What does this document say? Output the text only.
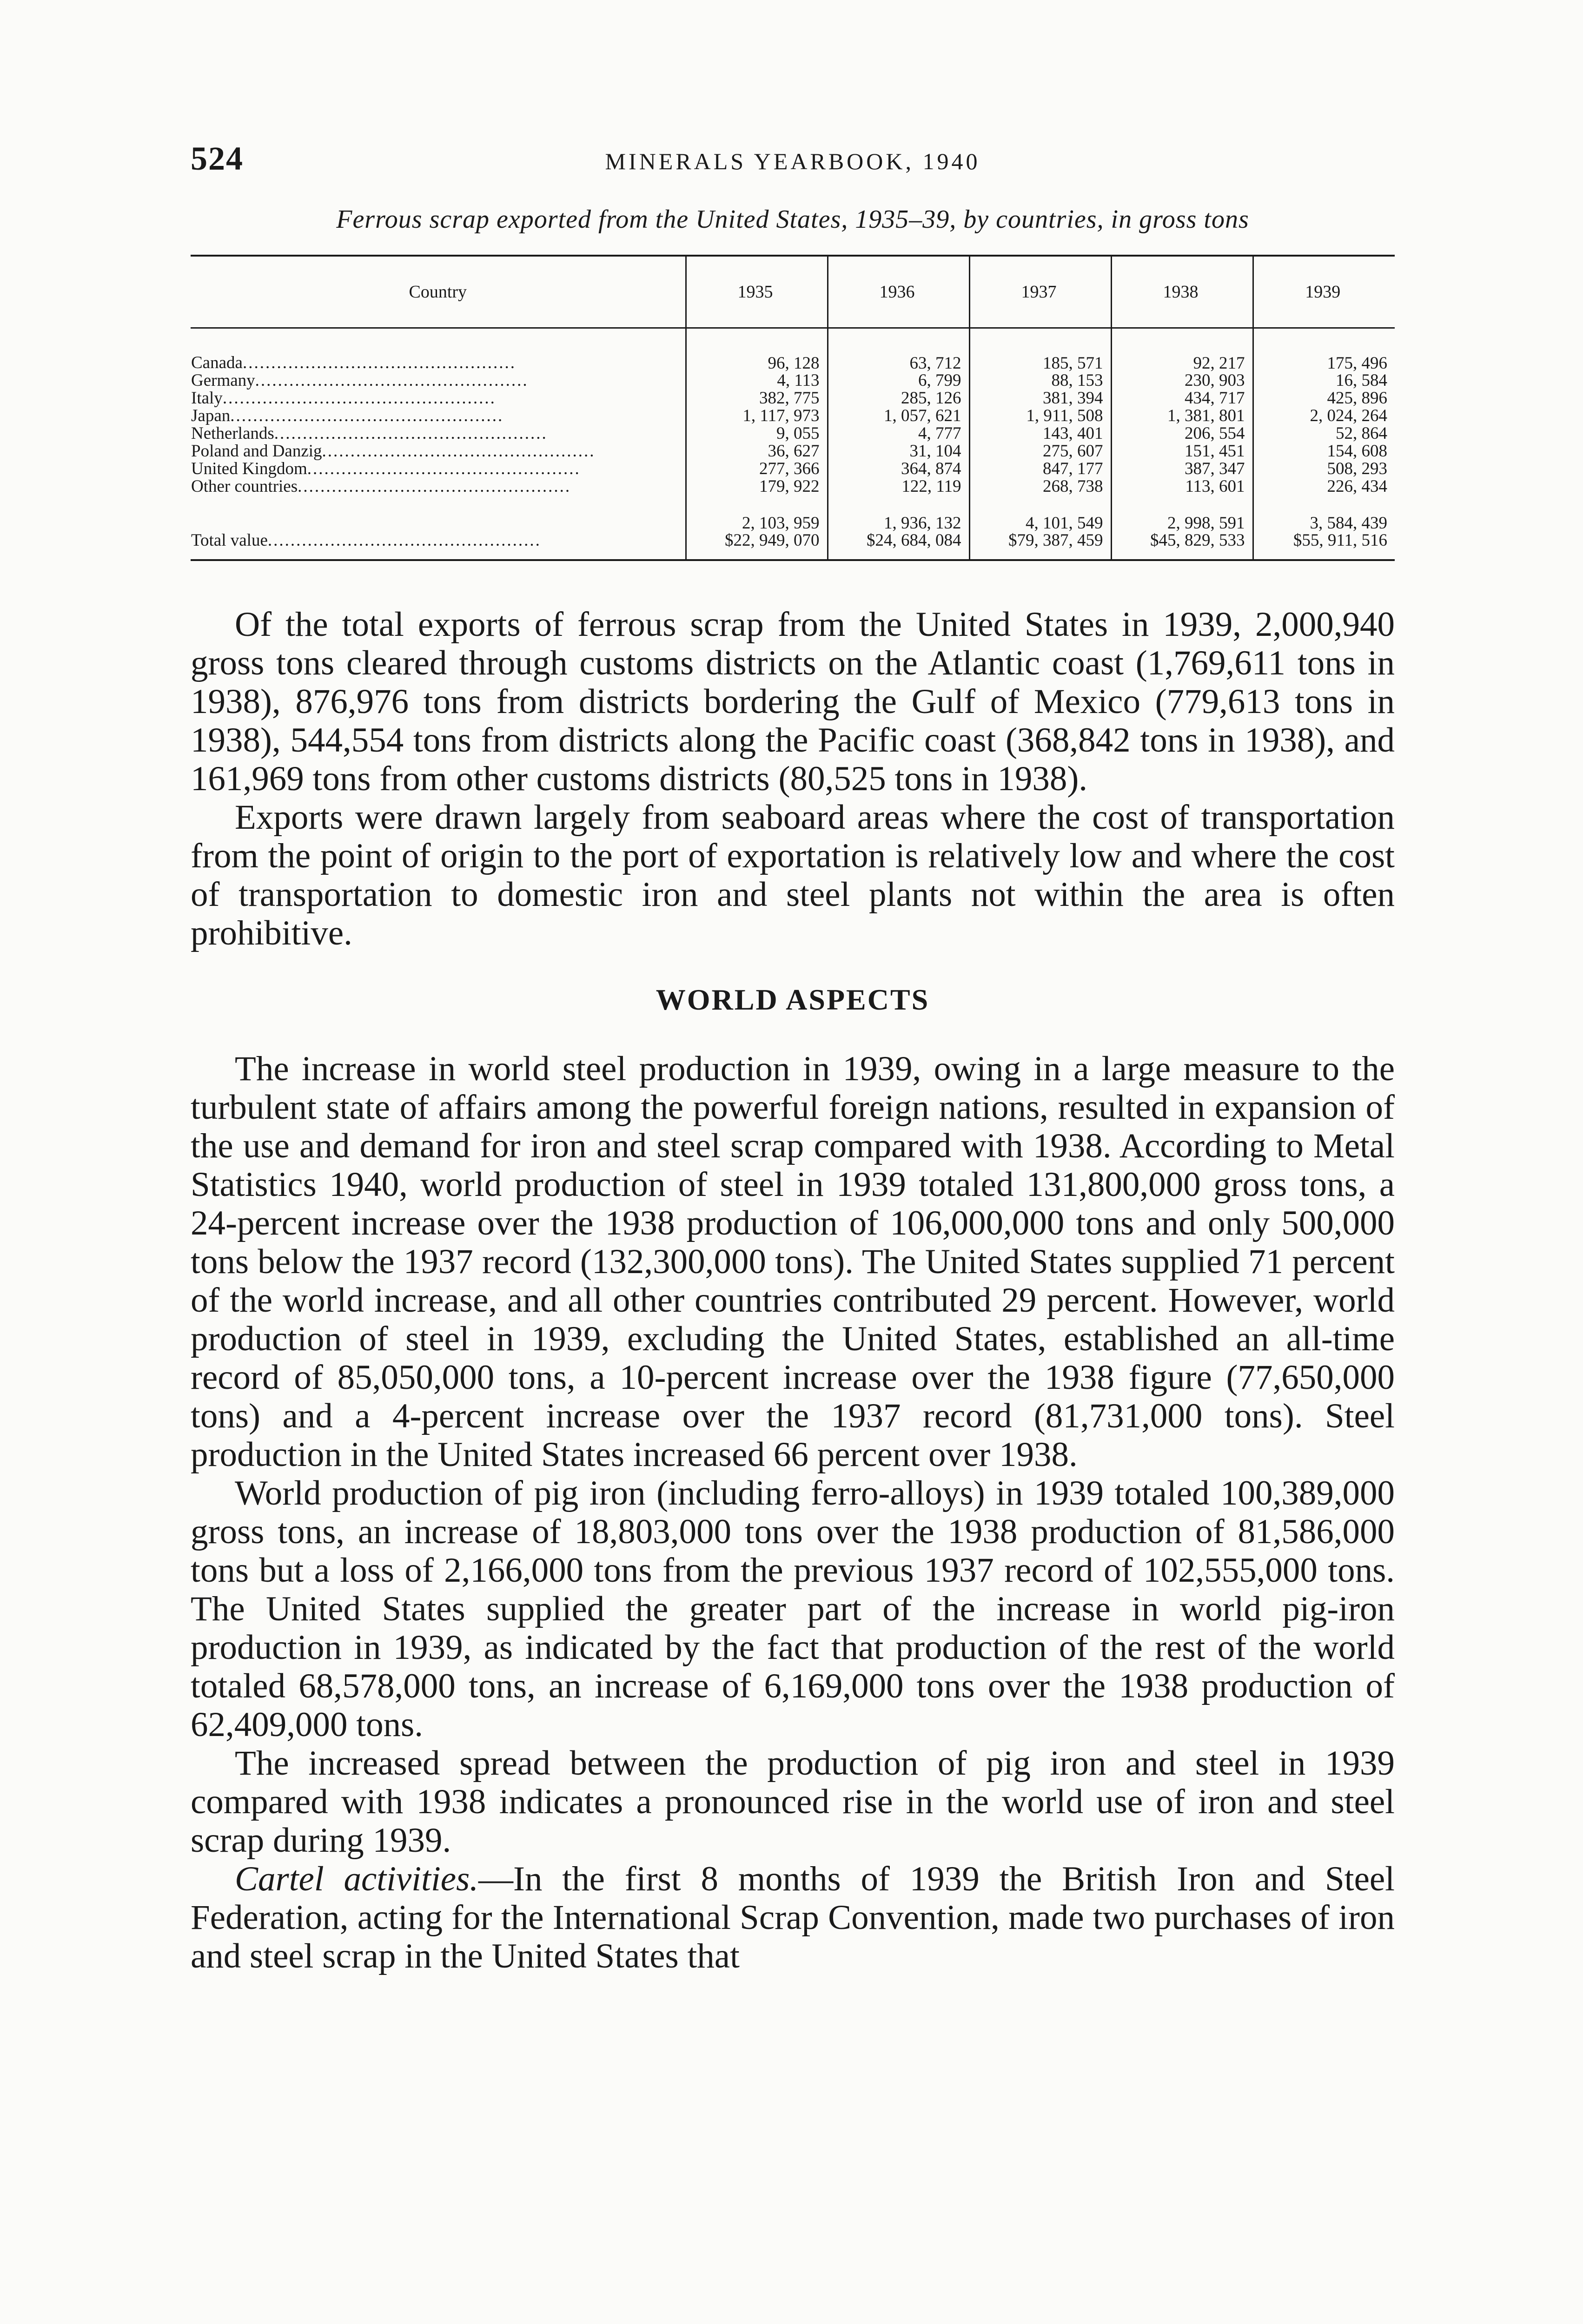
524	MINERALS YEARBOOK, 1940
Ferrous scrap exported from the United States, 1935–39, by countries, in gross tons
Country	1935	1936	1937	1938	1939
Canada................................................	96, 128	63, 712	185, 571	92, 217	175, 496
Germany................................................	4, 113	6, 799	88, 153	230, 903	16, 584
Italy................................................	382, 775	285, 126	381, 394	434, 717	425, 896
Japan................................................	1, 117, 973	1, 057, 621	1, 911, 508	1, 381, 801	2, 024, 264
Netherlands................................................	9, 055	4, 777	143, 401	206, 554	52, 864
Poland and Danzig................................................	36, 627	31, 104	275, 607	151, 451	154, 608
United Kingdom................................................	277, 366	364, 874	847, 177	387, 347	508, 293
Other countries................................................	179, 922	122, 119	268, 738	113, 601	226, 434

	2, 103, 959	1, 936, 132	4, 101, 549	2, 998, 591	3, 584, 439
Total value................................................	$22, 949, 070	$24, 684, 084	$79, 387, 459	$45, 829, 533	$55, 911, 516

Of the total exports of ferrous scrap from the United States in 1939, 2,000,940 gross tons cleared through customs districts on the Atlantic coast (1,769,611 tons in 1938), 876,976 tons from districts bordering the Gulf of Mexico (779,613 tons in 1938), 544,554 tons from districts along the Pacific coast (368,842 tons in 1938), and 161,969 tons from other customs districts (80,525 tons in 1938).

Exports were drawn largely from seaboard areas where the cost of transportation from the point of origin to the port of exportation is relatively low and where the cost of transportation to domestic iron and steel plants not within the area is often prohibitive.

WORLD ASPECTS

The increase in world steel production in 1939, owing in a large measure to the turbulent state of affairs among the powerful foreign nations, resulted in expansion of the use and demand for iron and steel scrap compared with 1938. According to Metal Statistics 1940, world production of steel in 1939 totaled 131,800,000 gross tons, a 24-percent increase over the 1938 production of 106,000,000 tons and only 500,000 tons below the 1937 record (132,300,000 tons). The United States supplied 71 percent of the world increase, and all other countries contributed 29 percent. However, world production of steel in 1939, excluding the United States, established an all-time record of 85,050,000 tons, a 10-percent increase over the 1938 figure (77,650,000 tons) and a 4-percent increase over the 1937 record (81,731,000 tons). Steel production in the United States increased 66 percent over 1938.

World production of pig iron (including ferro-alloys) in 1939 totaled 100,389,000 gross tons, an increase of 18,803,000 tons over the 1938 production of 81,586,000 tons but a loss of 2,166,000 tons from the previous 1937 record of 102,555,000 tons. The United States supplied the greater part of the increase in world pig-iron production in 1939, as indicated by the fact that production of the rest of the world totaled 68,578,000 tons, an increase of 6,169,000 tons over the 1938 production of 62,409,000 tons.

The increased spread between the production of pig iron and steel in 1939 compared with 1938 indicates a pronounced rise in the world use of iron and steel scrap during 1939.

Cartel activities.—In the first 8 months of 1939 the British Iron and Steel Federation, acting for the International Scrap Convention, made two purchases of iron and steel scrap in the United States that
